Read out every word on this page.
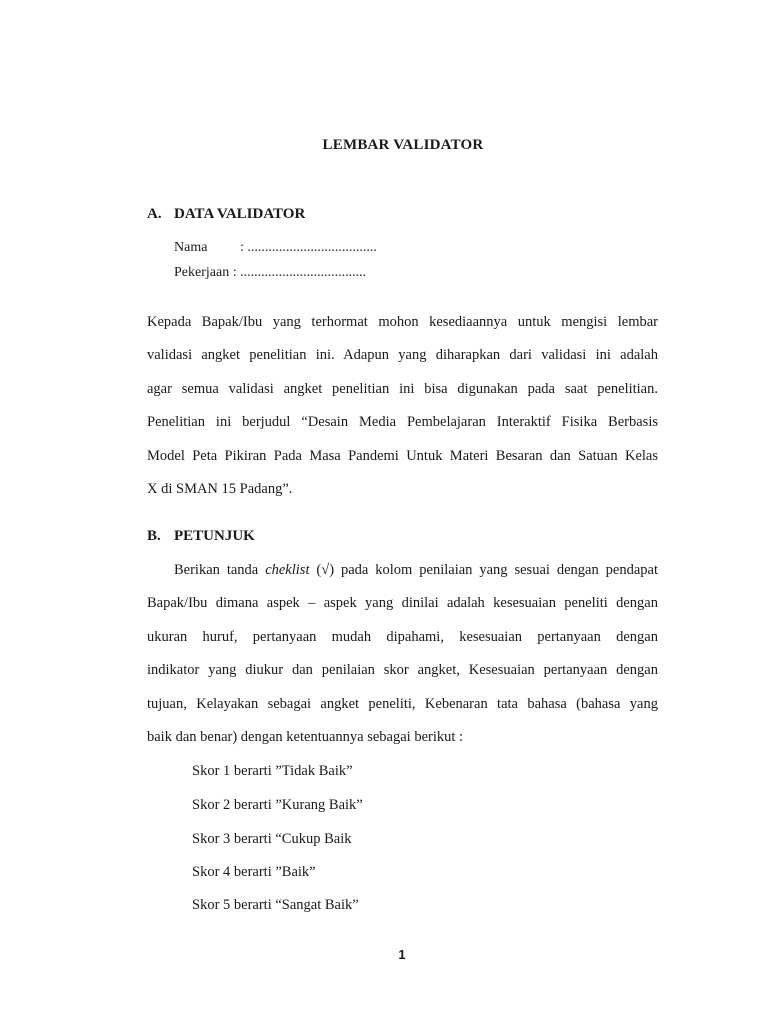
LEMBAR VALIDATOR
A. DATA VALIDATOR
Nama : .....................................
Pekerjaan : ....................................
Kepada Bapak/Ibu yang terhormat mohon kesediaannya untuk mengisi lembar
validasi angket penelitian ini. Adapun yang diharapkan dari validasi ini adalah
agar semua validasi angket penelitian ini bisa digunakan pada saat penelitian.
Penelitian ini berjudul “Desain Media Pembelajaran Interaktif Fisika Berbasis
Model Peta Pikiran Pada Masa Pandemi Untuk Materi Besaran dan Satuan Kelas
X di SMAN 15 Padang”.
B. PETUNJUK
Berikan tanda cheklist (√) pada kolom penilaian yang sesuai dengan pendapat
Bapak/Ibu dimana aspek – aspek yang dinilai adalah kesesuaian peneliti dengan
ukuran huruf, pertanyaan mudah dipahami, kesesuaian pertanyaan dengan
indikator yang diukur dan penilaian skor angket, Kesesuaian pertanyaan dengan
tujuan, Kelayakan sebagai angket peneliti, Kebenaran tata bahasa (bahasa yang
baik dan benar) dengan ketentuannya sebagai berikut :
Skor 1 berarti ”Tidak Baik”
Skor 2 berarti ”Kurang Baik”
Skor 3 berarti “Cukup Baik
Skor 4 berarti ”Baik”
Skor 5 berarti “Sangat Baik”
1
